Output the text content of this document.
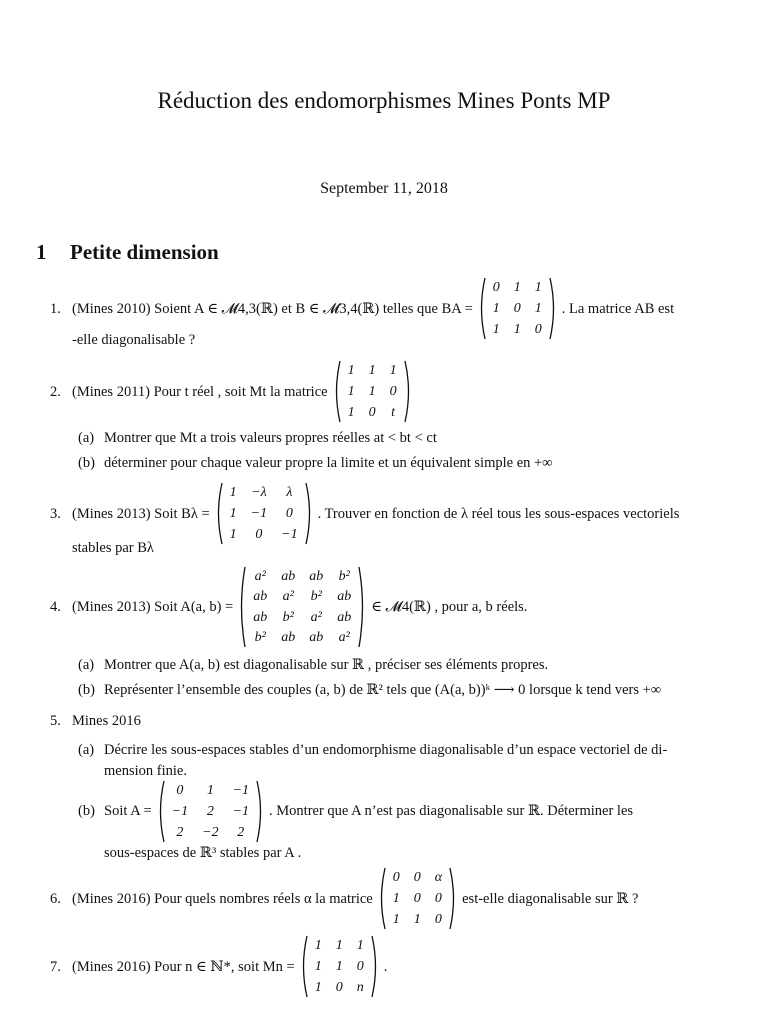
Réduction des endomorphismes Mines Ponts MP
September 11, 2018
1 Petite dimension
1. (Mines 2010) Soient A ∈ 𝓜4,3(ℝ) et B ∈ 𝓜3,4(ℝ) telles que BA =
0	1	1
1	0	1
1	1	0
. La matrice AB est
-elle diagonalisable ?
2. (Mines 2011) Pour t réel , soit Mt la matrice
1	1	1
1	1	0
1	0	t
(a) Montrer que Mt a trois valeurs propres réelles at < bt < ct
(b) déterminer pour chaque valeur propre la limite et un équivalent simple en +∞
3. (Mines 2013) Soit Bλ =
1	−λ	λ
1	−1	0
1	0	−1
. Trouver en fonction de λ réel tous les sous-espaces vectoriels
stables par Bλ
4. (Mines 2013) Soit A(a, b) =
a²	ab	ab	b²
ab	a²	b²	ab
ab	b²	a²	ab
b²	ab	ab	a²
∈ 𝓜4(ℝ) , pour a, b réels.
(a) Montrer que A(a, b) est diagonalisable sur ℝ , préciser ses éléments propres.
(b) Représenter l’ensemble des couples (a, b) de ℝ² tels que (A(a, b))ᵏ ⟶ 0 lorsque k tend vers +∞
5. Mines 2016
(a) Décrire les sous-espaces stables d’un endomorphisme diagonalisable d’un espace vectoriel de di-
mension finie.
(b) Soit A =
0	1	−1
−1	2	−1
2	−2	2
. Montrer que A n’est pas diagonalisable sur ℝ. Déterminer les
sous-espaces de ℝ³ stables par A .
6. (Mines 2016) Pour quels nombres réels α la matrice
0	0	α
1	0	0
1	1	0
est-elle diagonalisable sur ℝ ?
7. (Mines 2016) Pour n ∈ ℕ*, soit Mn =
1	1	1
1	1	0
1	0	n
.
